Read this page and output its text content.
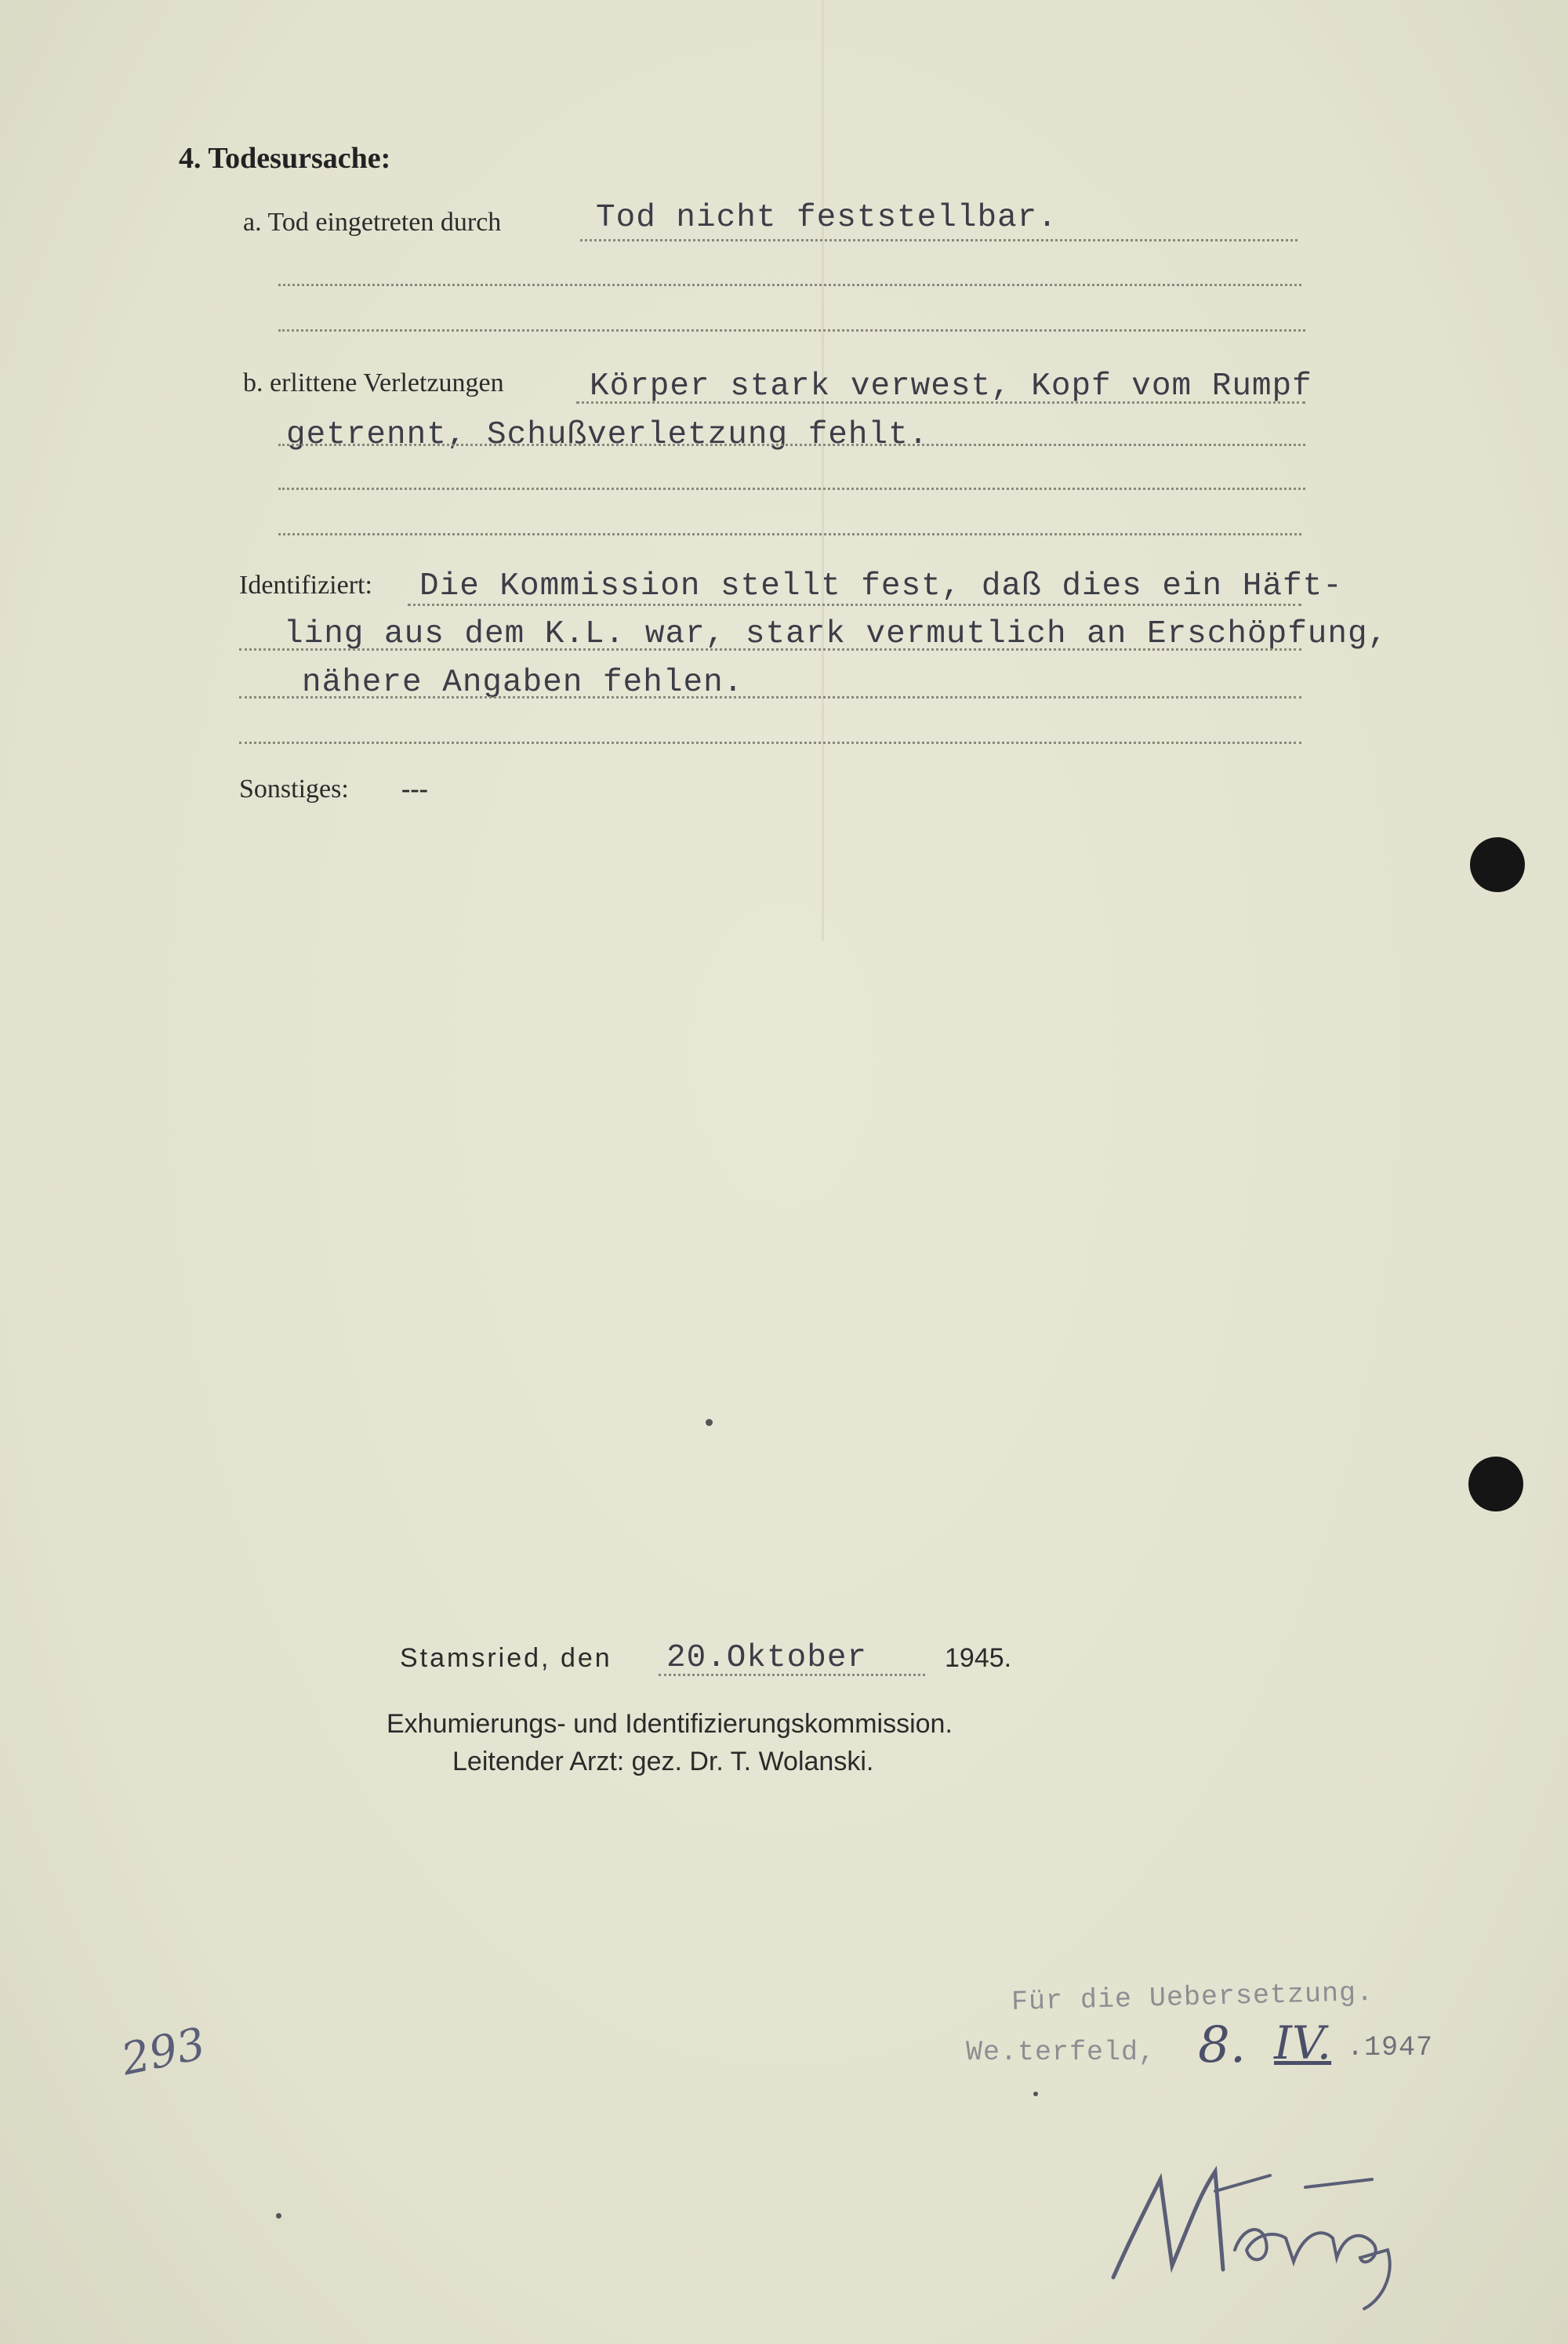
4. Todesursache:
a. Tod eingetreten durch	Tod nicht feststellbar.
b. erlittene Verletzungen	Körper stark verwest, Kopf vom Rumpf
getrennt, Schußverletzung fehlt.
Identifiziert: Die Kommission stellt fest, daß dies ein Häft-
ling aus dem K.L. war, stark vermutlich an Erschöpfung,
nähere Angaben fehlen.
Sonstiges: ---
Stamsried, den 20.Oktober	1945.
Exhumierungs- und Identifizierungskommission.
Leitender Arzt: gez. Dr. T. Wolanski.
Für die Uebersetzung.
We.terfeld, 8. IV. .1947
293
